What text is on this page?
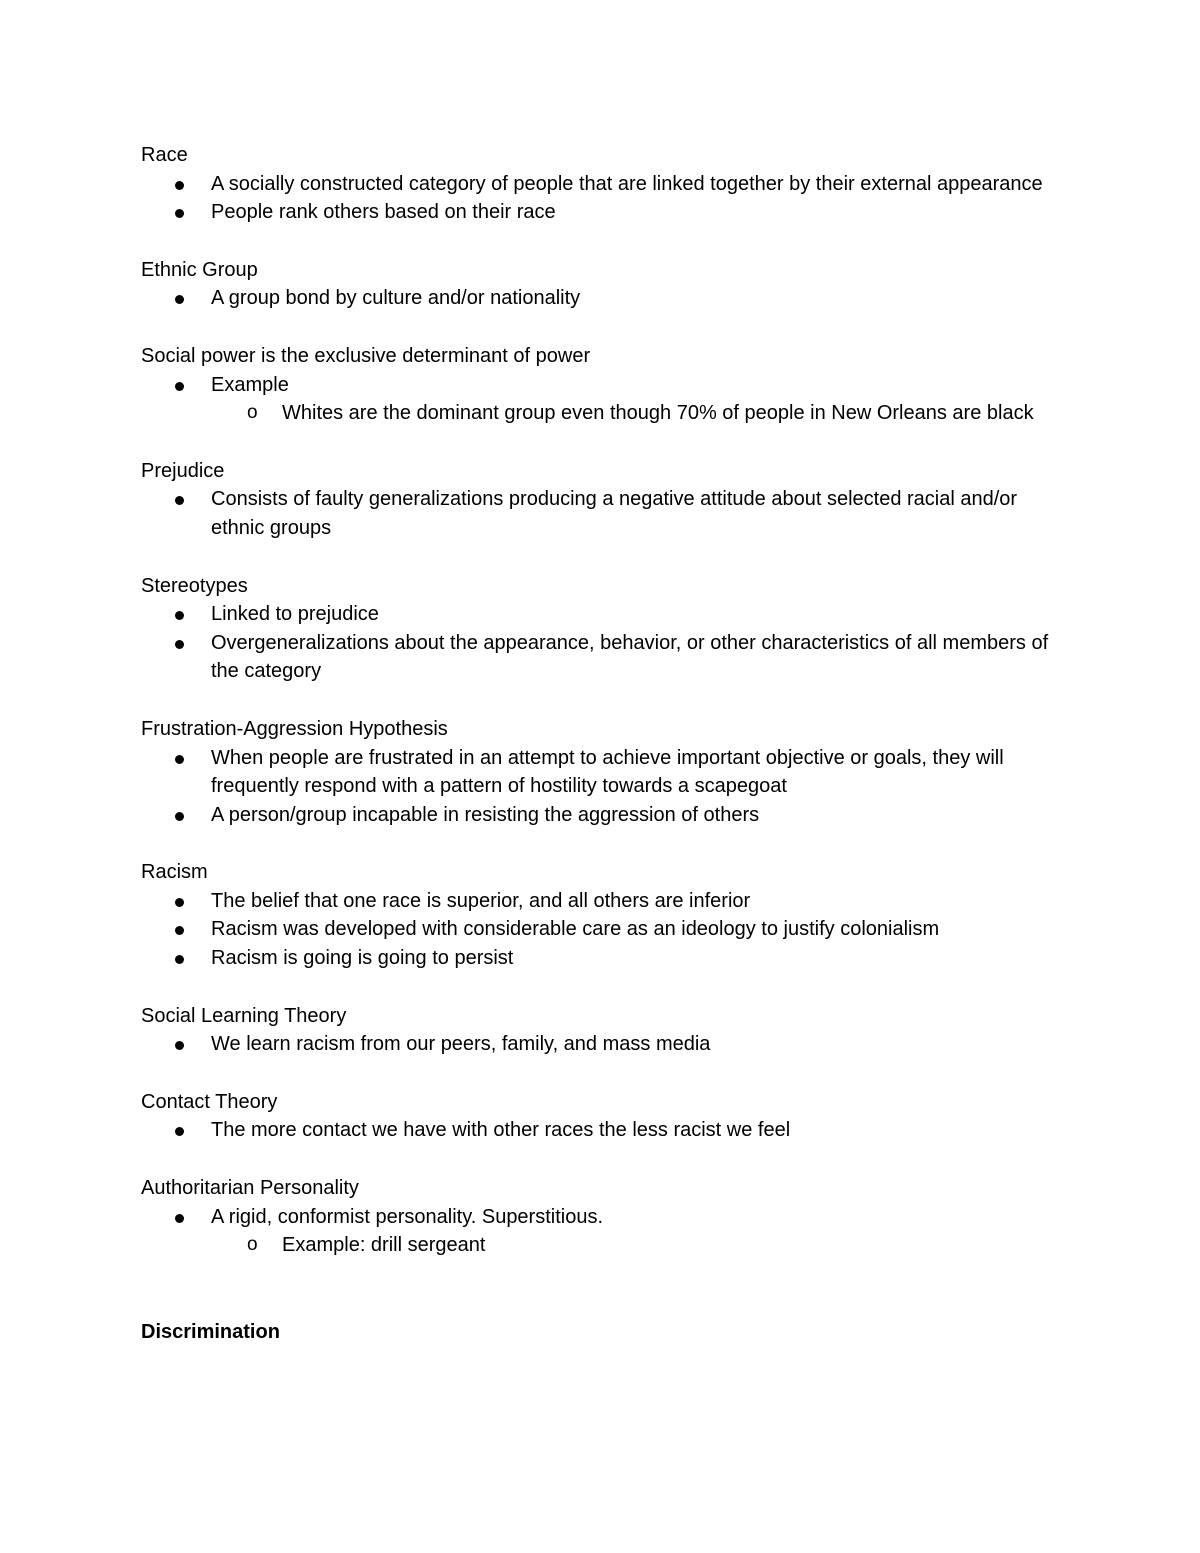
Race
A socially constructed category of people that are linked together by their external appearance
People rank others based on their race
Ethnic Group
A group bond by culture and/or nationality
Social power is the exclusive determinant of power
Example
o Whites are the dominant group even though 70% of people in New Orleans are black
Prejudice
Consists of faulty generalizations producing a negative attitude about selected racial and/or ethnic groups
Stereotypes
Linked to prejudice
Overgeneralizations about the appearance, behavior, or other characteristics of all members of the category
Frustration-Aggression Hypothesis
When people are frustrated in an attempt to achieve important objective or goals, they will frequently respond with a pattern of hostility towards a scapegoat
A person/group incapable in resisting the aggression of others
Racism
The belief that one race is superior, and all others are inferior
Racism was developed with considerable care as an ideology to justify colonialism
Racism is going is going to persist
Social Learning Theory
We learn racism from our peers, family, and mass media
Contact Theory
The more contact we have with other races the less racist we feel
Authoritarian Personality
A rigid, conformist personality. Superstitious.
o Example: drill sergeant
Discrimination
